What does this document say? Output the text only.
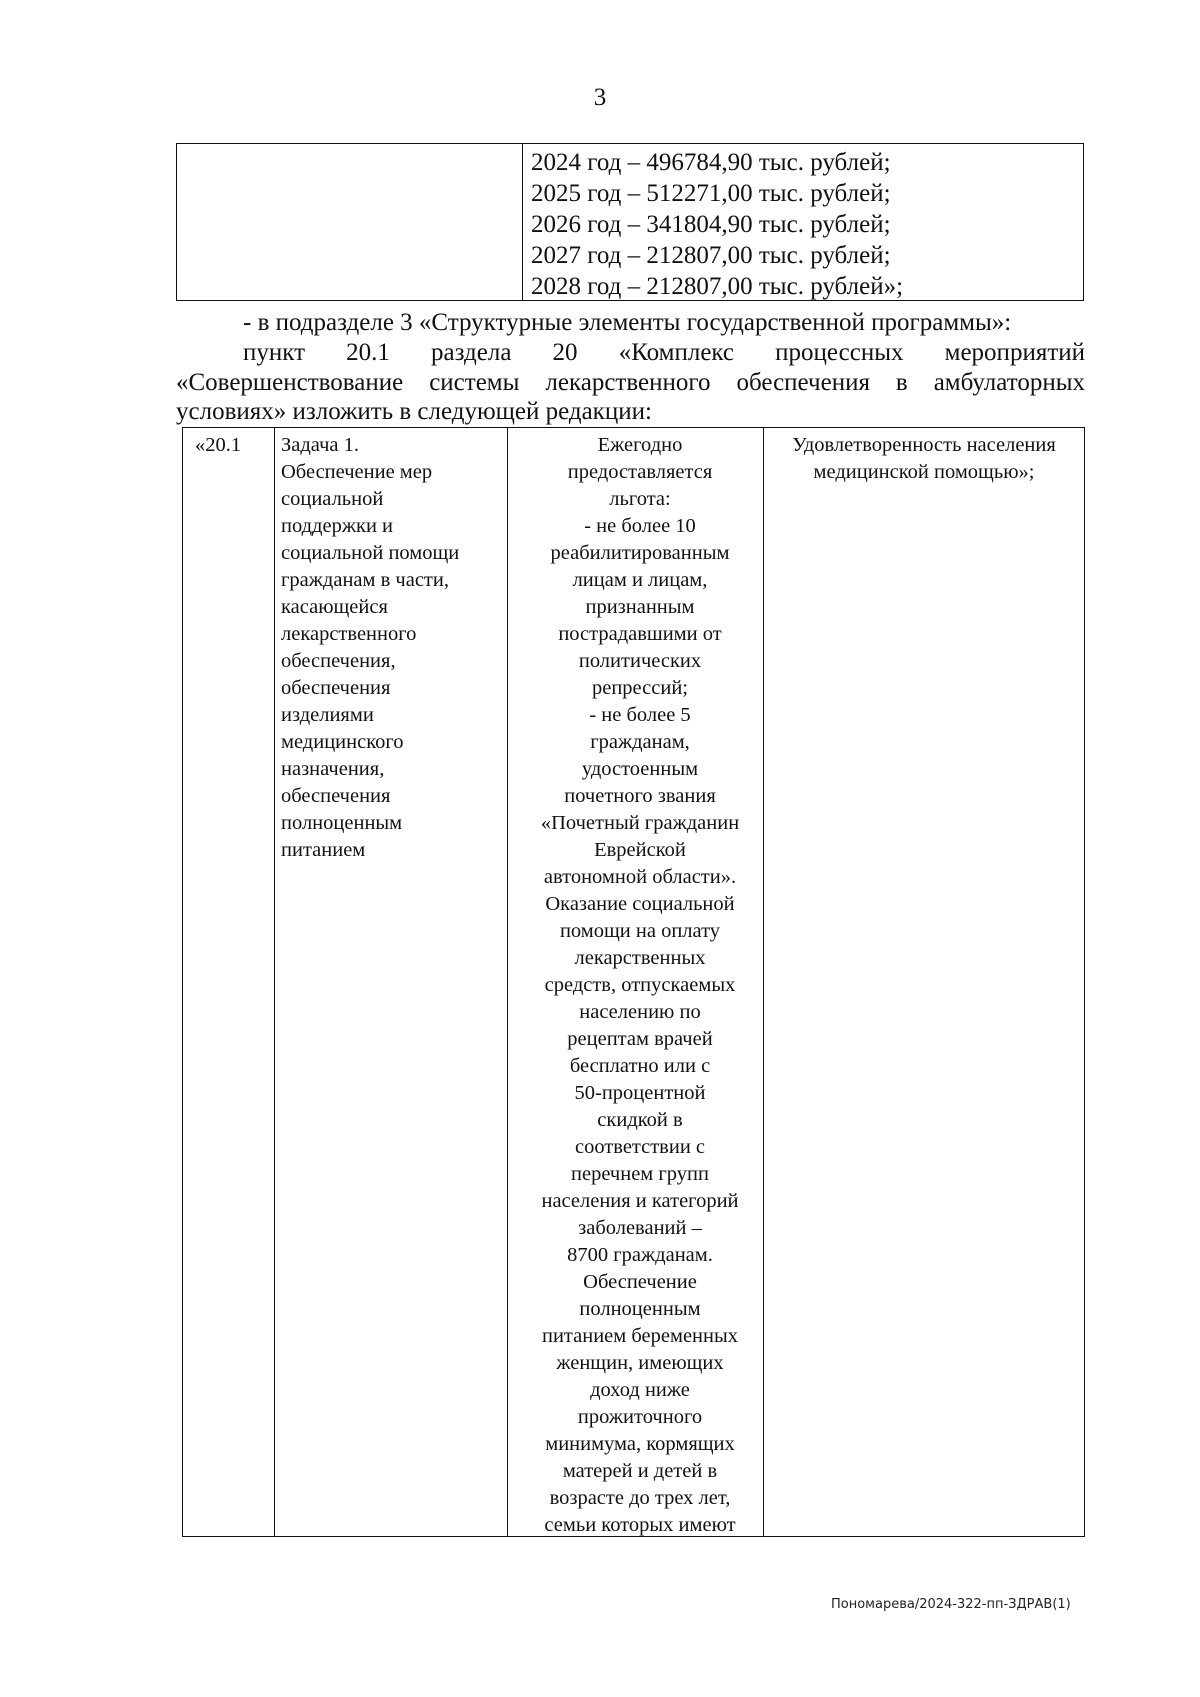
3
2024 год – 496784,90 тыс. рублей;
2025 год – 512271,00 тыс. рублей;
2026 год – 341804,90 тыс. рублей;
2027 год – 212807,00 тыс. рублей;
2028 год – 212807,00 тыс. рублей»;

- в подразделе 3 «Структурные элементы государственной программы»:

пункт 20.1 раздела 20 «Комплекс процессных мероприятий

«Совершенствование системы лекарственного обеспечения в амбулаторных

условиях» изложить в следующей редакции:

«20.1 Задача 1.
Обеспечение мер
социальной
поддержки и
социальной помощи
гражданам в части,
касающейся
лекарственного
обеспечения,
обеспечения
изделиями
медицинского
назначения,
обеспечения
полноценным
питанием
Ежегодно
предоставляется
льгота:
- не более 10
реабилитированным
лицам и лицам,
признанным
пострадавшими от
политических
репрессий;
- не более 5
гражданам,
удостоенным
почетного звания
«Почетный гражданин
Еврейской
автономной области».
Оказание социальной
помощи на оплату
лекарственных
средств, отпускаемых
населению по
рецептам врачей
бесплатно или с
50-процентной
скидкой в
соответствии с
перечнем групп
населения и категорий
заболеваний –
8700 гражданам.
Обеспечение
полноценным
питанием беременных
женщин, имеющих
доход ниже
прожиточного
минимума, кормящих
матерей и детей в
возрасте до трех лет,
семьи которых имеют
Удовлетворенность населения
медицинской помощью»;
Пономарева/2024-322-пп-ЗДРАВ(1)
